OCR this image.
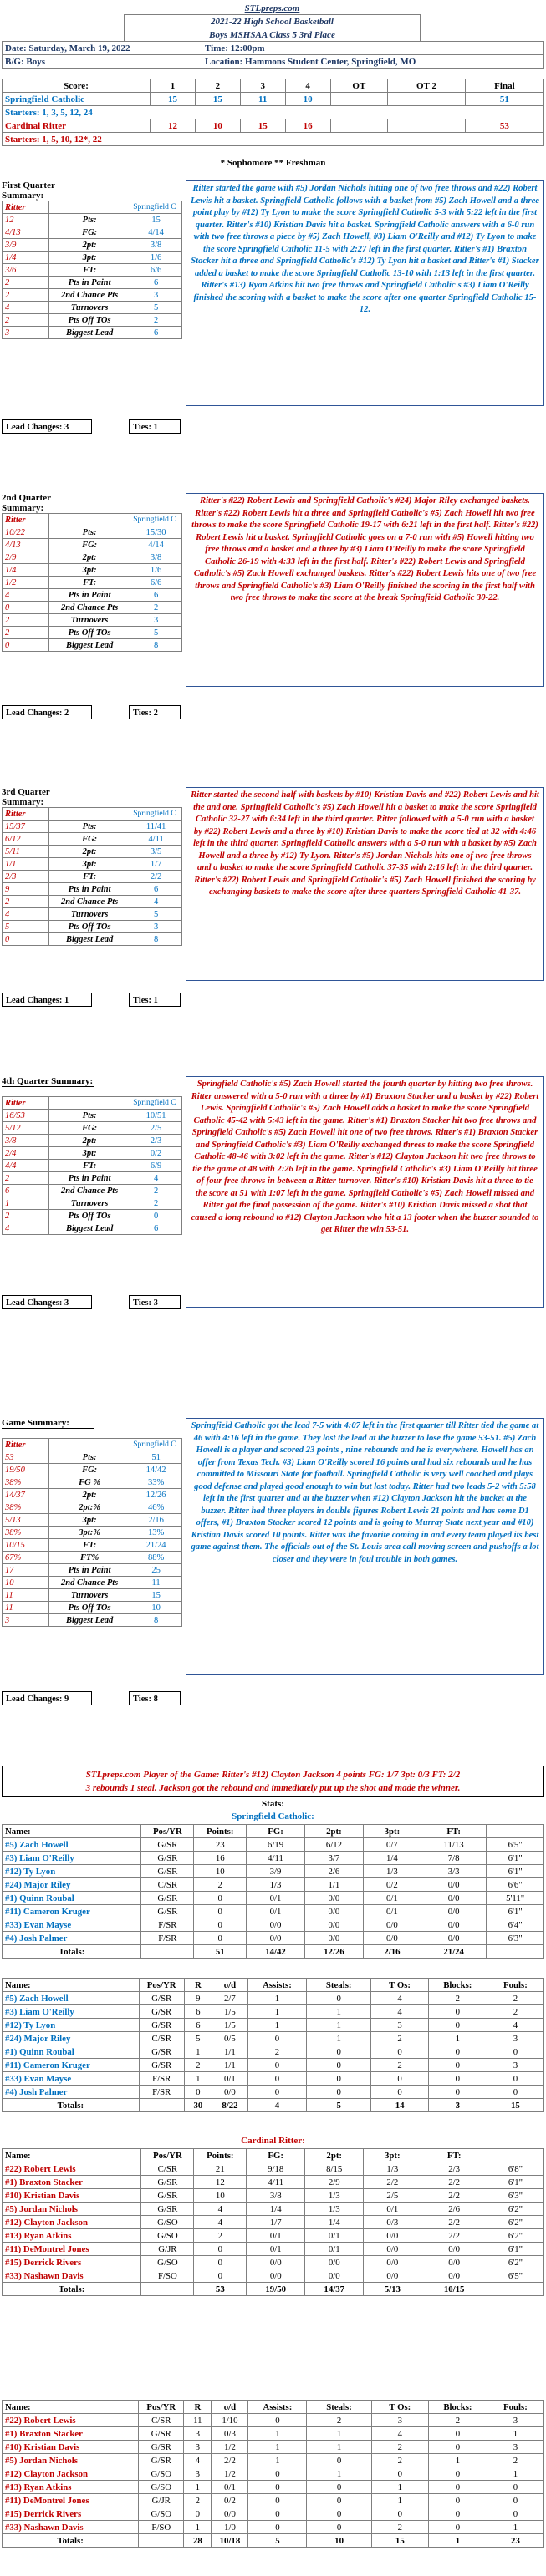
STLpreps.com
2021-22 High School Basketball
Boys MSHSAA Class 5 3rd Place
Date: Saturday, March 19, 2022	Time: 12:00pm
B/G: Boys	Location: Hammons Student Center, Springfield, MO
Score:	1	2	3	4	OT	OT 2	Final
Springfield Catholic	15	15	11	10			51
Starters: 1, 3, 5, 12, 24							
Cardinal Ritter	12	10	15	16			53
Starters: 1, 5, 10, 12*, 22							
* Sophomore ** Freshman
First Quarter Summary:
Ritter		Springfield C
12	Pts:	15
4/13	FG:	4/14
3/9	2pt:	3/8
1/4	3pt:	1/6
3/6	FT:	6/6
2	Pts in Paint	6
2	2nd Chance Pts	3
4	Turnovers	5
2	Pts Off TOs	2
3	Biggest Lead	6
Lead Changes: 3	Ties: 1
Ritter started the game with #5) Jordan Nichols hitting one of two free throws and #22) Robert Lewis hit a basket. Springfield Catholic follows with a basket from #5) Zach Howell and a three point play by #12) Ty Lyon to make the score Springfield Catholic 5-3 with 5:22 left in the first quarter. Ritter's #10) Kristian Davis hit a basket. Springfield Catholic answers with a 6-0 run with two free throws a piece by #5) Zach Howell, #3) Liam O'Reilly and #12) Ty Lyon to make the score Springfield Catholic 11-5 with 2:27 left in the first quarter. Ritter's #1) Braxton Stacker hit a three and Springfield Catholic's #12) Ty Lyon hit a basket and Ritter's #1) Stacker added a basket to make the score Springfield Catholic 13-10 with 1:13 left in the first quarter. Ritter's #13) Ryan Atkins hit two free throws and Springfield Catholic's #3) Liam O'Reilly finished the scoring with a basket to make the score after one quarter Springfield Catholic 15-12.
2nd Quarter Summary:
Ritter		Springfield C
10/22	Pts:	15/30
4/13	FG:	4/14
2/9	2pt:	3/8
1/4	3pt:	1/6
1/2	FT:	6/6
4	Pts in Paint	6
0	2nd Chance Pts	2
2	Turnovers	3
2	Pts Off TOs	5
0	Biggest Lead	8
Lead Changes: 2	Ties: 2
Ritter's #22) Robert Lewis and Springfield Catholic's #24) Major Riley exchanged baskets. Ritter's #22) Robert Lewis hit a three and Springfield Catholic's #5) Zach Howell hit two free throws to make the score Springfield Catholic 19-17 with 6:21 left in the first half. Ritter's #22) Robert Lewis hit a basket. Springfield Catholic goes on a 7-0 run with #5) Howell hitting two free throws and a basket and a three by #3) Liam O'Reilly to make the score Springfield Catholic 26-19 with 4:33 left in the first half. Ritter's #22) Robert Lewis and Springfield Catholic's #5) Zach Howell exchanged baskets. Ritter's #22) Robert Lewis hits one of two free throws and Springfield Catholic's #3) Liam O'Reilly finished the scoring in the first half with two free throws to make the score at the break Springfield Catholic 30-22.
3rd Quarter Summary:
Ritter		Springfield C
15/37	Pts:	11/41
6/12	FG:	4/11
5/11	2pt:	3/5
1/1	3pt:	1/7
2/3	FT:	2/2
9	Pts in Paint	6
2	2nd Chance Pts	4
4	Turnovers	5
5	Pts Off TOs	3
0	Biggest Lead	8
Lead Changes: 1	Ties: 1
Ritter started the second half with baskets by #10) Kristian Davis and #22) Robert Lewis and hit the and one. Springfield Catholic's #5) Zach Howell hit a basket to make the score Springfield Catholic 32-27 with 6:34 left in the third quarter. Ritter followed with a 5-0 run with a basket by #22) Robert Lewis and a three by #10) Kristian Davis to make the score tied at 32 with 4:46 left in the third quarter. Springfield Catholic answers with a 5-0 run with a basket by #5) Zach Howell and a three by #12) Ty Lyon. Ritter's #5) Jordan Nichols hits one of two free throws and a basket to make the score Springfield Catholic 37-35 with 2:16 left in the third quarter. Ritter's #22) Robert Lewis and Springfield Catholic's #5) Zach Howell finished the scoring by exchanging baskets to make the score after three quarters Springfield Catholic 41-37.
4th Quarter Summary:
Ritter		Springfield C
16/53	Pts:	10/51
5/12	FG:	2/5
3/8	2pt:	2/3
2/4	3pt:	0/2
4/4	FT:	6/9
2	Pts in Paint	4
6	2nd Chance Pts	2
1	Turnovers	2
2	Pts Off TOs	0
4	Biggest Lead	6
Lead Changes: 3	Ties: 3
Springfield Catholic's #5) Zach Howell started the fourth quarter by hitting two free throws. Ritter answered with a 5-0 run with a three by #1) Braxton Stacker and a basket by #22) Robert Lewis. Springfield Catholic's #5) Zach Howell adds a basket to make the score Springfield Catholic 45-42 with 5:43 left in the game. Ritter's #1) Braxton Stacker hit two free throws and Springfield Catholic's #5) Zach Howell hit one of two free throws. Ritter's #1) Braxton Stacker and Springfield Catholic's #3) Liam O'Reilly exchanged threes to make the score Springfield Catholic 48-46 with 3:02 left in the game. Ritter's #12) Clayton Jackson hit two free throws to tie the game at 48 with 2:26 left in the game. Springfield Catholic's #3) Liam O'Reilly hit three of four free throws in between a Ritter turnover. Ritter's #10) Kristian Davis hit a three to tie the score at 51 with 1:07 left in the game. Springfield Catholic's #5) Zach Howell missed and Ritter got the final possession of the game. Ritter's #10) Kristian Davis missed a shot that caused a long rebound to #12) Clayton Jackson who hit a 13 footer when the buzzer sounded to get Ritter the win 53-51.
Game Summary:
Ritter		Springfield C
53	Pts:	51
19/50	FG:	14/42
38%	FG %	33%
14/37	2pt:	12/26
38%	2pt:%	46%
5/13	3pt:	2/16
38%	3pt:%	13%
10/15	FT:	21/24
67%	FT%	88%
17	Pts in Paint	25
10	2nd Chance Pts	11
11	Turnovers	15
11	Pts Off TOs	10
3	Biggest Lead	8
Lead Changes: 9	Ties: 8
Springfield Catholic got the lead 7-5 with 4:07 left in the first quarter till Ritter tied the game at 46 with 4:16 left in the game. They lost the lead at the buzzer to lose the game 53-51. #5) Zach Howell is a player and scored 23 points , nine rebounds and he is everywhere. Howell has an offer from Texas Tech. #3) Liam O'Reilly scored 16 points and had six rebounds and he has committed to Missouri State for football. Springfield Catholic is very well coached and plays good defense and played good enough to win but lost today. Ritter had two leads 5-2 with 5:58 left in the first quarter and at the buzzer when #12) Clayton Jackson hit the bucket at the buzzer. Ritter had three players in double figures Robert Lewis 21 points and has some D1 offers, #1) Braxton Stacker scored 12 points and is going to Murray State next year and #10) Kristian Davis scored 10 points. Ritter was the favorite coming in and every team played its best game against them. The officials out of the St. Louis area call moving screen and pushoffs a lot closer and they were in foul trouble in both games.
STLpreps.com Player of the Game: Ritter's #12) Clayton Jackson 4 points FG: 1/7 3pt: 0/3 FT: 2/2
3 rebounds 1 steal. Jackson got the rebound and immediately put up the shot and made the winner.
Stats:
Springfield Catholic:
Name:	Pos/YR	Points:	FG:	2pt:	3pt:	FT:	
#5) Zach Howell	G/SR	23	6/19	6/12	0/7	11/13	6'5"
#3) Liam O'Reilly	G/SR	16	4/11	3/7	1/4	7/8	6'1"
#12) Ty Lyon	G/SR	10	3/9	2/6	1/3	3/3	6'1"
#24) Major Riley	C/SR	2	1/3	1/1	0/2	0/0	6'6"
#1) Quinn Roubal	G/SR	0	0/1	0/0	0/1	0/0	5'11"
#11) Cameron Kruger	G/SR	0	0/1	0/0	0/1	0/0	6'1"
#33) Evan Mayse	F/SR	0	0/0	0/0	0/0	0/0	6'4"
#4) Josh Palmer	F/SR	0	0/0	0/0	0/0	0/0	6'3"
Totals:		51	14/42	12/26	2/16	21/24	
Name:	Pos/YR	R	o/d	Assists:	Steals:	T Os:	Blocks:	Fouls:
#5) Zach Howell	G/SR	9	2/7	1	0	4	2	2
#3) Liam O'Reilly	G/SR	6	1/5	1	1	4	0	2
#12) Ty Lyon	G/SR	6	1/5	1	1	3	0	4
#24) Major Riley	C/SR	5	0/5	0	1	2	1	3
#1) Quinn Roubal	G/SR	1	1/1	2	0	0	0	0
#11) Cameron Kruger	G/SR	2	1/1	0	0	2	0	3
#33) Evan Mayse	F/SR	1	0/1	0	0	0	0	0
#4) Josh Palmer	F/SR	0	0/0	0	0	0	0	0
Totals:		30	8/22	4	5	14	3	15
Cardinal Ritter:
Name:	Pos/YR	Points:	FG:	2pt:	3pt:	FT:	
#22) Robert Lewis	C/SR	21	9/18	8/15	1/3	2/3	6'8"
#1) Braxton Stacker	G/SR	12	4/11	2/9	2/2	2/2	6'1"
#10) Kristian Davis	G/SR	10	3/8	1/3	2/5	2/2	6'3"
#5) Jordan Nichols	G/SR	4	1/4	1/3	0/1	2/6	6'2"
#12) Clayton Jackson	G/SO	4	1/7	1/4	0/3	2/2	6'2"
#13) Ryan Atkins	G/SO	2	0/1	0/1	0/0	2/2	6'2"
#11) DeMontrel Jones	G/JR	0	0/1	0/1	0/0	0/0	6'1"
#15) Derrick Rivers	G/SO	0	0/0	0/0	0/0	0/0	6'2"
#33) Nashawn Davis	F/SO	0	0/0	0/0	0/0	0/0	6'5"
Totals:		53	19/50	14/37	5/13	10/15	
Name:	Pos/YR	R	o/d	Assists:	Steals:	T Os:	Blocks:	Fouls:
#22) Robert Lewis	C/SR	11	1/10	0	2	3	2	3
#1) Braxton Stacker	G/SR	3	0/3	1	1	4	0	1
#10) Kristian Davis	G/SR	3	1/2	1	1	2	0	3
#5) Jordan Nichols	G/SR	4	2/2	1	0	2	1	2
#12) Clayton Jackson	G/SO	3	1/2	0	1	0	0	1
#13) Ryan Atkins	G/SO	1	0/1	0	0	1	0	0
#11) DeMontrel Jones	G/JR	2	0/2	0	0	1	0	0
#15) Derrick Rivers	G/SO	0	0/0	0	0	0	0	0
#33) Nashawn Davis	F/SO	1	1/0	0	0	2	0	1
Totals:		28	10/18	5	10	15	1	23
